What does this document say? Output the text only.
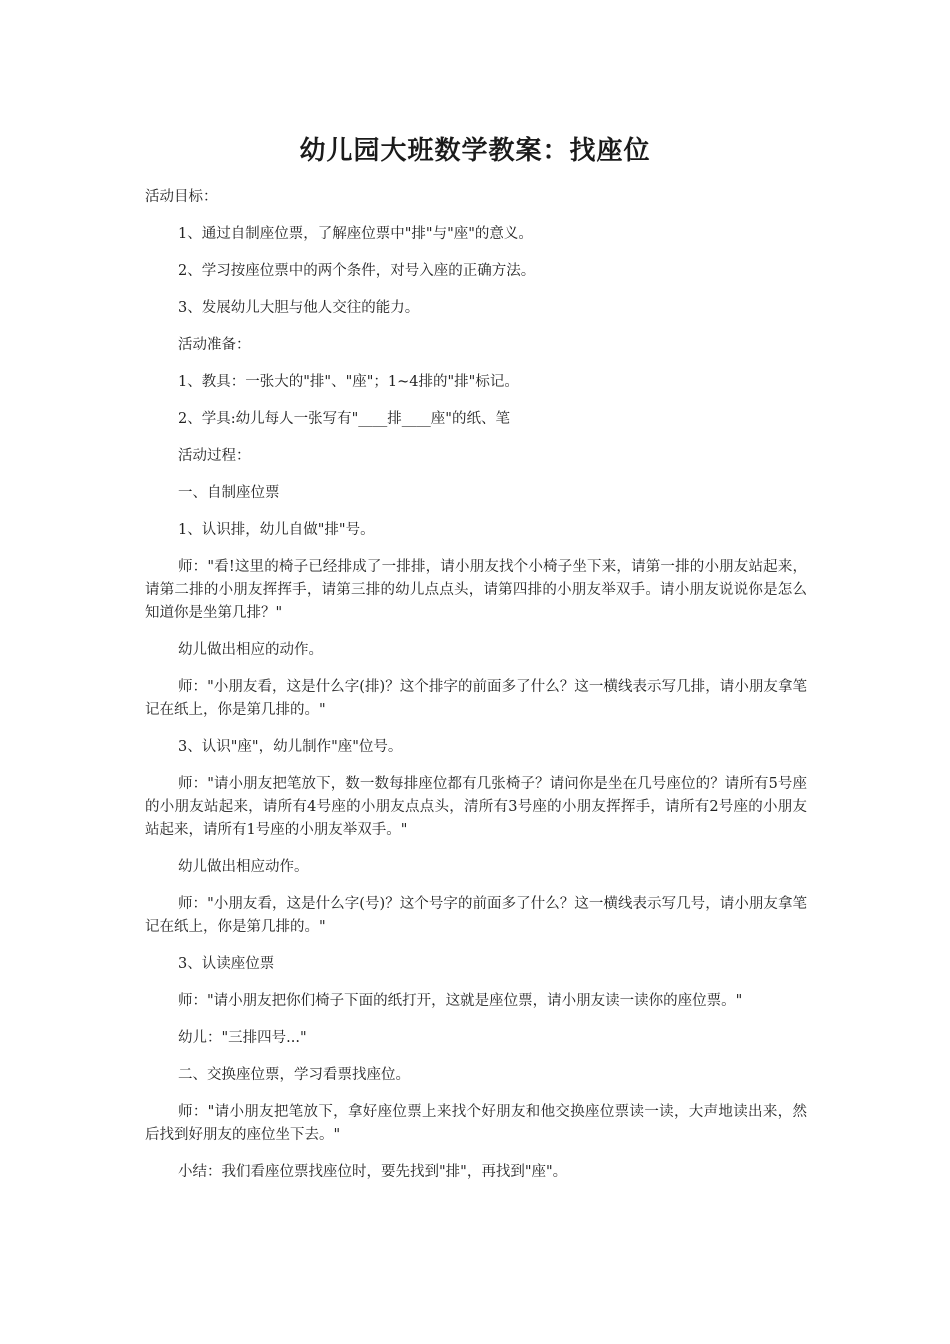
幼儿园大班数学教案：找座位

活动目标：

1、通过自制座位票，了解座位票中"排"与"座"的意义。

2、学习按座位票中的两个条件，对号入座的正确方法。

3、发展幼儿大胆与他人交往的能力。

活动准备：

1、教具：一张大的"排"、"座"；1~4排的"排"标记。

2、学具:幼儿每人一张写有"____排____座"的纸、笔

活动过程：

一、自制座位票

1、认识排，幼儿自做"排"号。

师："看!这里的椅子已经排成了一排排，请小朋友找个小椅子坐下来，请第一排的小朋友站起来，请第二排的小朋友挥挥手，请第三排的幼儿点点头，请第四排的小朋友举双手。请小朋友说说你是怎么知道你是坐第几排？"

幼儿做出相应的动作。

师："小朋友看，这是什么字(排)？这个排字的前面多了什么？这一横线表示写几排，请小朋友拿笔记在纸上，你是第几排的。"

3、认识"座"，幼儿制作"座"位号。

师："请小朋友把笔放下，数一数每排座位都有几张椅子？请问你是坐在几号座位的？请所有5号座的小朋友站起来，请所有4号座的小朋友点点头，清所有3号座的小朋友挥挥手，请所有2号座的小朋友站起来，请所有1号座的小朋友举双手。"

幼儿做出相应动作。

师："小朋友看，这是什么字(号)？这个号字的前面多了什么？这一横线表示写几号，请小朋友拿笔记在纸上，你是第几排的。"

3、认读座位票

师："请小朋友把你们椅子下面的纸打开，这就是座位票，请小朋友读一读你的座位票。"

幼儿："三排四号..."

二、交换座位票，学习看票找座位。

师："请小朋友把笔放下，拿好座位票上来找个好朋友和他交换座位票读一读，大声地读出来，然后找到好朋友的座位坐下去。"

小结：我们看座位票找座位时，要先找到"排"，再找到"座"。
